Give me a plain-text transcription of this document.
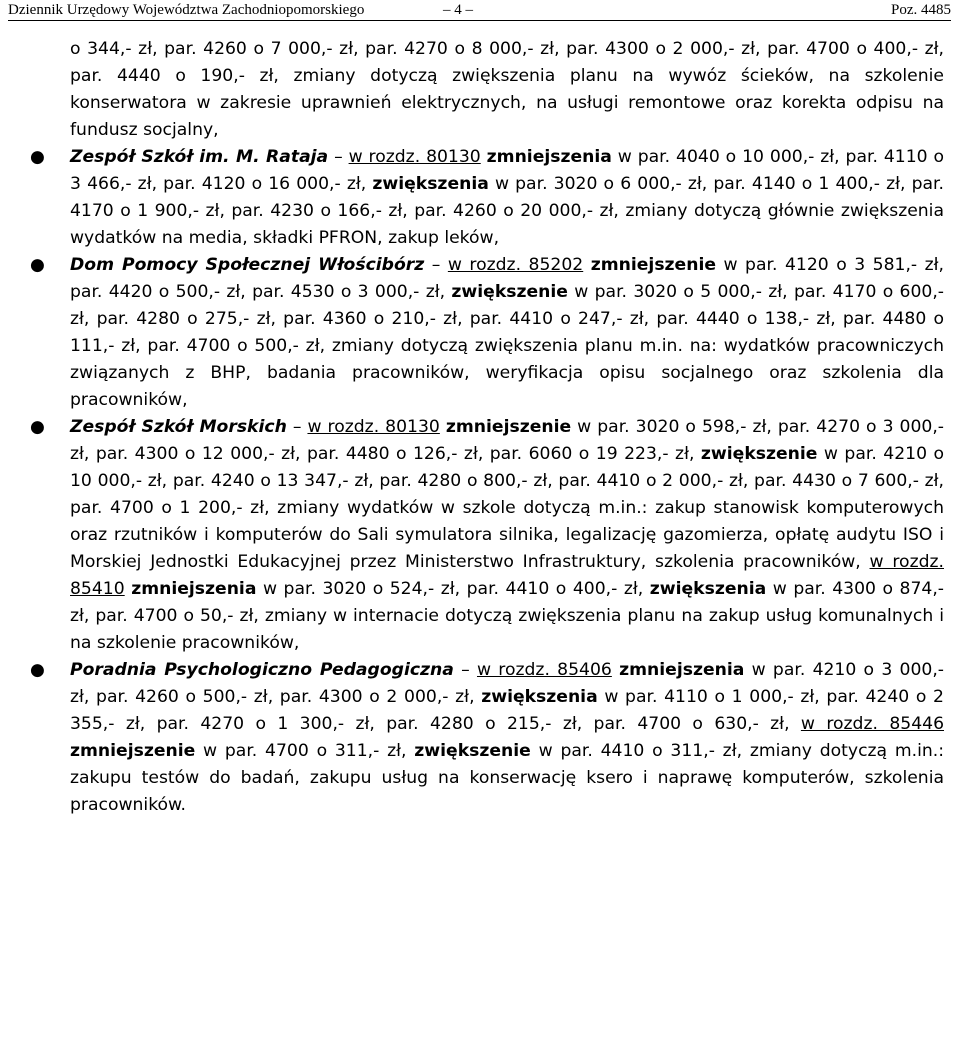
Dziennik Urzędowy Województwa Zachodniopomorskiego	– 4 –	Poz. 4485

o 344,- zł, par. 4260 o 7 000,- zł, par. 4270 o 8 000,- zł, par. 4300 o 2 000,- zł, par. 4700 o 400,- zł, par. 4440 o 190,- zł, zmiany dotyczą zwiększenia planu na wywóz ścieków, na szkolenie konserwatora w zakresie uprawnień elektrycznych, na usługi remontowe oraz korekta odpisu na fundusz socjalny,

● Zespół Szkół im. M. Rataja – w rozdz. 80130 zmniejszenia w par. 4040 o 10 000,- zł, par. 4110 o 3 466,- zł, par. 4120 o 16 000,- zł, zwiększenia w par. 3020 o 6 000,- zł, par. 4140 o 1 400,- zł, par. 4170 o 1 900,- zł, par. 4230 o 166,- zł, par. 4260 o 20 000,- zł, zmiany dotyczą głównie zwiększenia wydatków na media, składki PFRON, zakup leków,

● Dom Pomocy Społecznej Włościbórz – w rozdz. 85202 zmniejszenie w par. 4120 o 3 581,- zł, par. 4420 o 500,- zł, par. 4530 o 3 000,- zł, zwiększenie w par. 3020 o 5 000,- zł, par. 4170 o 600,- zł, par. 4280 o 275,- zł, par. 4360 o 210,- zł, par. 4410 o 247,- zł, par. 4440 o 138,- zł, par. 4480 o 111,- zł, par. 4700 o 500,- zł, zmiany dotyczą zwiększenia planu m.in. na: wydatków pracowniczych związanych z BHP, badania pracowników, weryfikacja opisu socjalnego oraz szkolenia dla pracowników,

● Zespół Szkół Morskich – w rozdz. 80130 zmniejszenie w par. 3020 o 598,- zł, par. 4270 o 3 000,- zł, par. 4300 o 12 000,- zł, par. 4480 o 126,- zł, par. 6060 o 19 223,- zł, zwiększenie w par. 4210 o 10 000,- zł, par. 4240 o 13 347,- zł, par. 4280 o 800,- zł, par. 4410 o 2 000,- zł, par. 4430 o 7 600,- zł, par. 4700 o 1 200,- zł, zmiany wydatków w szkole dotyczą m.in.: zakup stanowisk komputerowych oraz rzutników i komputerów do Sali symulatora silnika, legalizację gazomierza, opłatę audytu ISO i Morskiej Jednostki Edukacyjnej przez Ministerstwo Infrastruktury, szkolenia pracowników, w rozdz. 85410 zmniejszenia w par. 3020 o 524,- zł, par. 4410 o 400,- zł, zwiększenia w par. 4300 o 874,- zł, par. 4700 o 50,- zł, zmiany w internacie dotyczą zwiększenia planu na zakup usług komunalnych i na szkolenie pracowników,

● Poradnia Psychologiczno Pedagogiczna – w rozdz. 85406 zmniejszenia w par. 4210 o 3 000,- zł, par. 4260 o 500,- zł, par. 4300 o 2 000,- zł, zwiększenia w par. 4110 o 1 000,- zł, par. 4240 o 2 355,- zł, par. 4270 o 1 300,- zł, par. 4280 o 215,- zł, par. 4700 o 630,- zł, w rozdz. 85446 zmniejszenie w par. 4700 o 311,- zł, zwiększenie w par. 4410 o 311,- zł, zmiany dotyczą m.in.: zakupu testów do badań, zakupu usług na konserwację ksero i naprawę komputerów, szkolenia pracowników.
